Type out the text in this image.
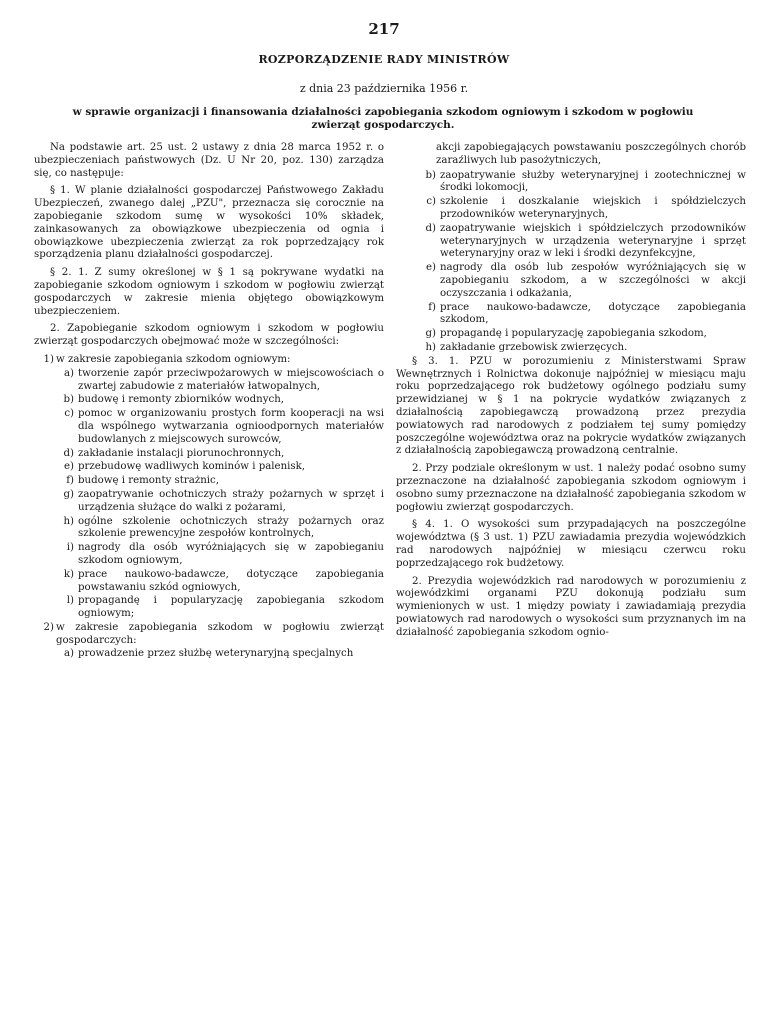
217
ROZPORZĄDZENIE RADY MINISTRÓW
z dnia 23 października 1956 r.
w sprawie organizacji i finansowania działalności zapobiegania szkodom ogniowym i szkodom w pogłowiu zwierząt gospodarczych.

Na podstawie art. 25 ust. 2 ustawy z dnia 28 marca 1952 r. o ubezpieczeniach państwowych (Dz. U Nr 20, poz. 130) zarządza się, co następuje:

§ 1. W planie działalności gospodarczej Państwowego Zakładu Ubezpieczeń, zwanego dalej „PZU", przeznacza się corocznie na zapobieganie szkodom sumę w wysokości 10% składek, zainkasowanych za obowiązkowe ubezpieczenia od ognia i obowiązkowe ubezpieczenia zwierząt za rok poprzedzający rok sporządzenia planu działalności gospodarczej.

§ 2. 1. Z sumy określonej w § 1 są pokrywane wydatki na zapobieganie szkodom ogniowym i szkodom w pogłowiu zwierząt gospodarczych w zakresie mienia objętego obowiązkowym ubezpieczeniem.

2. Zapobieganie szkodom ogniowym i szkodom w pogłowiu zwierząt gospodarczych obejmować może w szczególności:

1) w zakresie zapobiegania szkodom ogniowym:
a) tworzenie zapór przeciwpożarowych w miejscowościach o zwartej zabudowie z materiałów łatwopalnych,
b) budowę i remonty zbiorników wodnych,
c) pomoc w organizowaniu prostych form kooperacji na wsi dla wspólnego wytwarzania ognioodpornych materiałów budowlanych z miejscowych surowców,
d) zakładanie instalacji piorunochronnych,
e) przebudowę wadliwych kominów i palenisk,
f) budowę i remonty strażnic,
g) zaopatrywanie ochotniczych straży pożarnych w sprzęt i urządzenia służące do walki z pożarami,
h) ogólne szkolenie ochotniczych straży pożarnych oraz szkolenie prewencyjne zespołów kontrolnych,
i) nagrody dla osób wyróżniających się w zapobieganiu szkodom ogniowym,
k) prace naukowo-badawcze, dotyczące zapobiegania powstawaniu szkód ogniowych,
l) propagandę i popularyzację zapobiegania szkodom ogniowym;
2) w zakresie zapobiegania szkodom w pogłowiu zwierząt gospodarczych:
a) prowadzenie przez służbę weterynaryjną specjalnych
akcji zapobiegających powstawaniu poszczególnych chorób zaraźliwych lub pasożytniczych,
b) zaopatrywanie służby weterynaryjnej i zootechnicznej w środki lokomocji,
c) szkolenie i doszkalanie wiejskich i spółdzielczych przodowników weterynaryjnych,
d) zaopatrywanie wiejskich i spółdzielczych przodowników weterynaryjnych w urządzenia weterynaryjne i sprzęt weterynaryjny oraz w leki i środki dezynfekcyjne,
e) nagrody dla osób lub zespołów wyróżniających się w zapobieganiu szkodom, a w szczególności w akcji oczyszczania i odkażania,
f) prace naukowo-badawcze, dotyczące zapobiegania szkodom,
g) propagandę i popularyzację zapobiegania szkodom,
h) zakładanie grzebowisk zwierzęcych.

§ 3. 1. PZU w porozumieniu z Ministerstwami Spraw Wewnętrznych i Rolnictwa dokonuje najpóźniej w miesiącu maju roku poprzedzającego rok budżetowy ogólnego podziału sumy przewidzianej w § 1 na pokrycie wydatków związanych z działalnością zapobiegawczą prowadzoną przez prezydia powiatowych rad narodowych z podziałem tej sumy pomiędzy poszczególne województwa oraz na pokrycie wydatków związanych z działalnością zapobiegawczą prowadzoną centralnie.

2. Przy podziale określonym w ust. 1 należy podać osobno sumy przeznaczone na działalność zapobiegania szkodom ogniowym i osobno sumy przeznaczone na działalność zapobiegania szkodom w pogłowiu zwierząt gospodarczych.

§ 4. 1. O wysokości sum przypadających na poszczególne województwa (§ 3 ust. 1) PZU zawiadamia prezydia wojewódzkich rad narodowych najpóźniej w miesiącu czerwcu roku poprzedzającego rok budżetowy.

2. Prezydia wojewódzkich rad narodowych w porozumieniu z wojewódzkimi organami PZU dokonują podziału sum wymienionych w ust. 1 między powiaty i zawiadamiają prezydia powiatowych rad narodowych o wysokości sum przyznanych im na działalność zapobiegania szkodom ognio-
